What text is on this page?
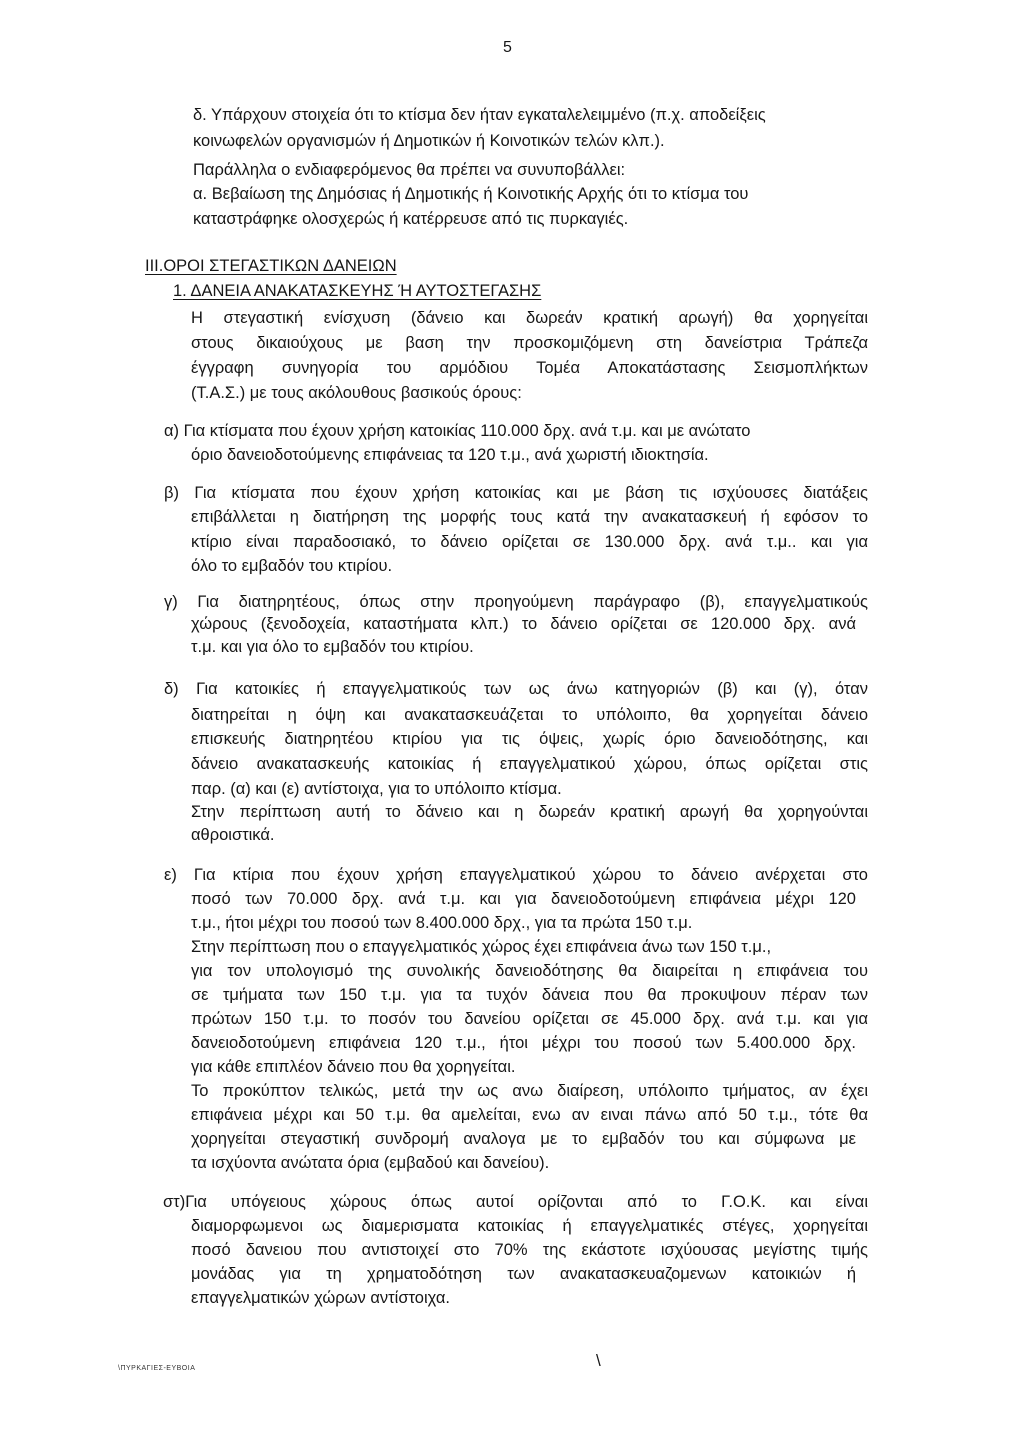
5
δ. Υπάρχουν στοιχεία ότι το κτίσμα δεν ήταν εγκαταλελειμμένο (π.χ. αποδείξεις
κοινωφελών οργανισμών ή Δημοτικών ή Κοινοτικών τελών κλπ.).
Παράλληλα ο ενδιαφερόμενος θα πρέπει να συνυποβάλλει:
α. Βεβαίωση της Δημόσιας ή Δημοτικής ή Κοινοτικής Αρχής ότι το κτίσμα του
καταστράφηκε ολοσχερώς ή κατέρρευσε από τις πυρκαγιές.
III.ΟΡΟΙ ΣΤΕΓΑΣΤΙΚΩΝ ΔΑΝΕΙΩΝ
1. ΔΑΝΕΙΑ ΑΝΑΚΑΤΑΣΚΕΥΗΣ Ή ΑΥΤΟΣΤΕΓΑΣΗΣ
Η στεγαστική ενίσχυση (δάνειο και δωρεάν κρατική αρωγή) θα χορηγείται
στους δικαιούχους με βαση την προσκομιζόμενη στη δανείστρια Τράπεζα
έγγραφη συνηγορία του αρμόδιου Τομέα Αποκατάστασης Σεισμοπλήκτων
(Τ.Α.Σ.) με τους ακόλουθους βασικούς όρους:
α) Για κτίσματα που έχουν χρήση κατοικίας 110.000 δρχ. ανά τ.μ. και με ανώτατο
όριο δανειοδοτούμενης επιφάνειας τα 120 τ.μ., ανά χωριστή ιδιοκτησία.
β) Για κτίσματα που έχουν χρήση κατοικίας και με βάση τις ισχύουσες διατάξεις
επιβάλλεται η διατήρηση της μορφής τους κατά την ανακατασκευή ή εφόσον το
κτίριο είναι παραδοσιακό, το δάνειο ορίζεται σε 130.000 δρχ. ανά τ.μ.. και για
όλο το εμβαδόν του κτιρίου.
γ) Για διατηρητέους, όπως στην προηγούμενη παράγραφο (β), επαγγελματικούς
χώρους (ξενοδοχεία, καταστήματα κλπ.) το δάνειο ορίζεται σε 120.000 δρχ. ανά
τ.μ. και για όλο το εμβαδόν του κτιρίου.
δ) Για κατοικίες ή επαγγελματικούς των ως άνω κατηγοριών (β) και (γ), όταν
διατηρείται η όψη και ανακατασκευάζεται το υπόλοιπο, θα χορηγείται δάνειο
επισκευής διατηρητέου κτιρίου για τις όψεις, χωρίς όριο δανειοδότησης, και
δάνειο ανακατασκευής κατοικίας ή επαγγελματικού χώρου, όπως ορίζεται στις
παρ. (α) και (ε) αντίστοιχα, για το υπόλοιπο κτίσμα.
Στην περίπτωση αυτή το δάνειο και η δωρεάν κρατική αρωγή θα χορηγούνται
αθροιστικά.
ε) Για κτίρια που έχουν χρήση επαγγελματικού χώρου το δάνειο ανέρχεται στο
ποσό των 70.000 δρχ. ανά τ.μ. και για δανειοδοτούμενη επιφάνεια μέχρι 120
τ.μ., ήτοι μέχρι του ποσού των 8.400.000 δρχ., για τα πρώτα 150 τ.μ.
Στην περίπτωση που ο επαγγελματικός χώρος έχει επιφάνεια άνω των 150 τ.μ.,
για τον υπολογισμό της συνολικής δανειοδότησης θα διαιρείται η επιφάνεια του
σε τμήματα των 150 τ.μ. για τα τυχόν δάνεια που θα προκυψουν πέραν των
πρώτων 150 τ.μ. το ποσόν του δανείου ορίζεται σε 45.000 δρχ. ανά τ.μ. και για
δανειοδοτούμενη επιφάνεια 120 τ.μ., ήτοι μέχρι του ποσού των 5.400.000 δρχ.
για κάθε επιπλέον δάνειο που θα χορηγείται.
Το προκύπτον τελικώς, μετά την ως ανω διαίρεση, υπόλοιπο τμήματος, αν έχει
επιφάνεια μέχρι και 50 τ.μ. θα αμελείται, ενω αν ειναι πάνω από 50 τ.μ., τότε θα
χορηγείται στεγαστική συνδρομή αναλογα με το εμβαδόν του και σύμφωνα με
τα ισχύοντα ανώτατα όρια (εμβαδού και δανείου).
στ)Για υπόγειους χώρους όπως αυτοί ορίζονται από το Γ.Ο.Κ. και είναι
διαμορφωμενοι ως διαμερισματα κατοικίας ή επαγγελματικές στέγες, χορηγείται
ποσό δανειου που αντιστοιχεί στο 70% της εκάστοτε ισχύουσας μεγίστης τιμής
μονάδας για τη χρηματοδότηση των ανακατασκευαζομενων κατοικιών ή
επαγγελματικών χώρων αντίστοιχα.
\ΠΥΡΚΑΓΙΕΣ-ΕΥΒΟΙΑ	\
